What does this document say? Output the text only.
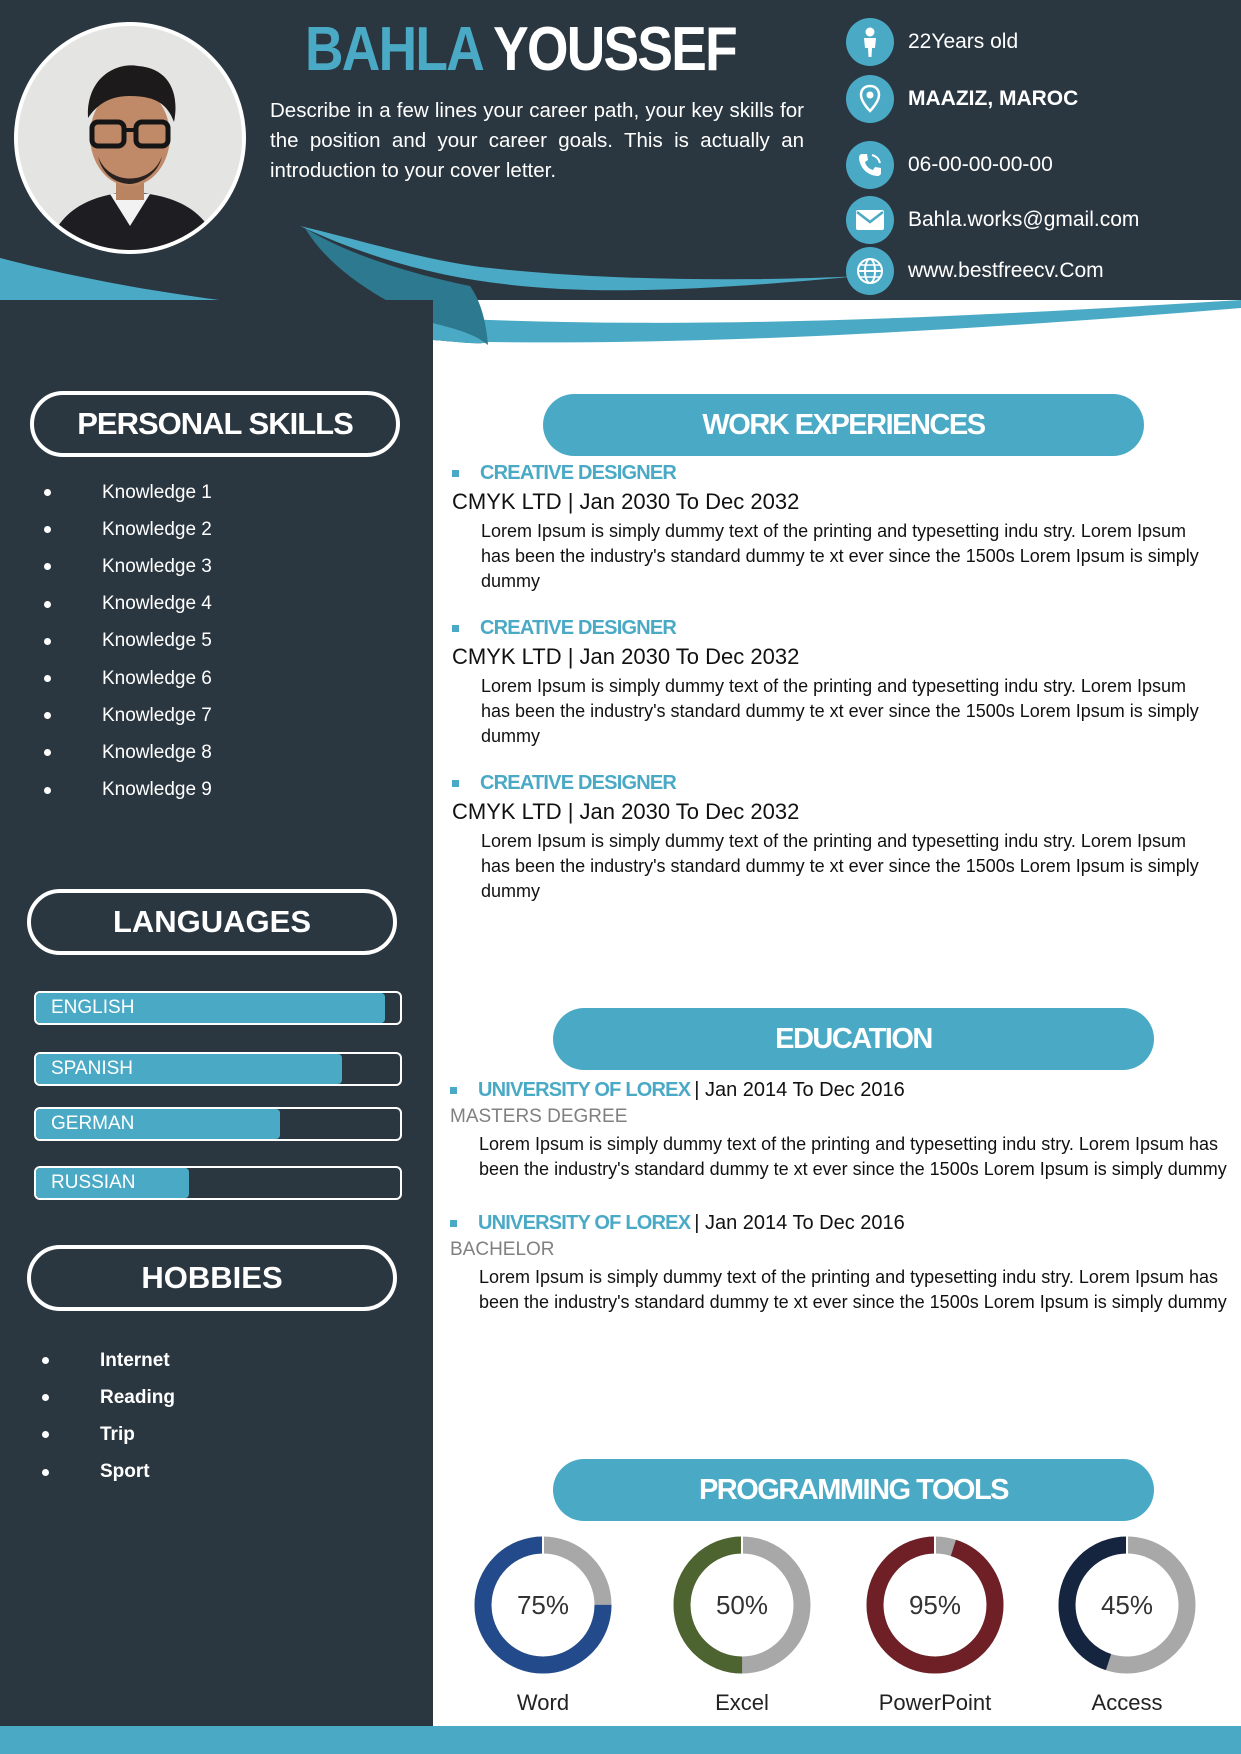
BAHLA YOUSSEF
Describe in a few lines your career path, your key skills for the position and your career goals. This is actually an introduction to your cover letter.
22Years old
MAAZIZ, MAROC
06-00-00-00-00
Bahla.works@gmail.com
www.bestfreecv.Com
PERSONAL SKILLS
Knowledge 1
Knowledge 2
Knowledge 3
Knowledge 4
Knowledge 5
Knowledge 6
Knowledge 7
Knowledge 8
Knowledge 9
LANGUAGES
ENGLISH
SPANISH
GERMAN
RUSSIAN
HOBBIES
Internet
Reading
Trip
Sport
WORK EXPERIENCES
CREATIVE DESIGNER
CMYK LTD | Jan 2030 To Dec 2032
Lorem Ipsum is simply dummy text of the printing and typesetting indu stry. Lorem Ipsum has been the industry's standard dummy te xt ever since the 1500s Lorem Ipsum is simply dummy
CREATIVE DESIGNER
CMYK LTD | Jan 2030 To Dec 2032
Lorem Ipsum is simply dummy text of the printing and typesetting indu stry. Lorem Ipsum has been the industry's standard dummy te xt ever since the 1500s Lorem Ipsum is simply dummy
CREATIVE DESIGNER
CMYK LTD | Jan 2030 To Dec 2032
Lorem Ipsum is simply dummy text of the printing and typesetting indu stry. Lorem Ipsum has been the industry's standard dummy te xt ever since the 1500s Lorem Ipsum is simply dummy
EDUCATION
UNIVERSITY OF LOREX | Jan 2014 To Dec 2016
MASTERS DEGREE
Lorem Ipsum is simply dummy text of the printing and typesetting indu stry. Lorem Ipsum has been the industry's standard dummy te xt ever since the 1500s Lorem Ipsum is simply dummy
UNIVERSITY OF LOREX | Jan 2014 To Dec 2016
BACHELOR
Lorem Ipsum is simply dummy text of the printing and typesetting indu stry. Lorem Ipsum has been the industry's standard dummy te xt ever since the 1500s Lorem Ipsum is simply dummy
PROGRAMMING TOOLS
75%	50%	95%	45%
Word	Excel	PowerPoint	Access
